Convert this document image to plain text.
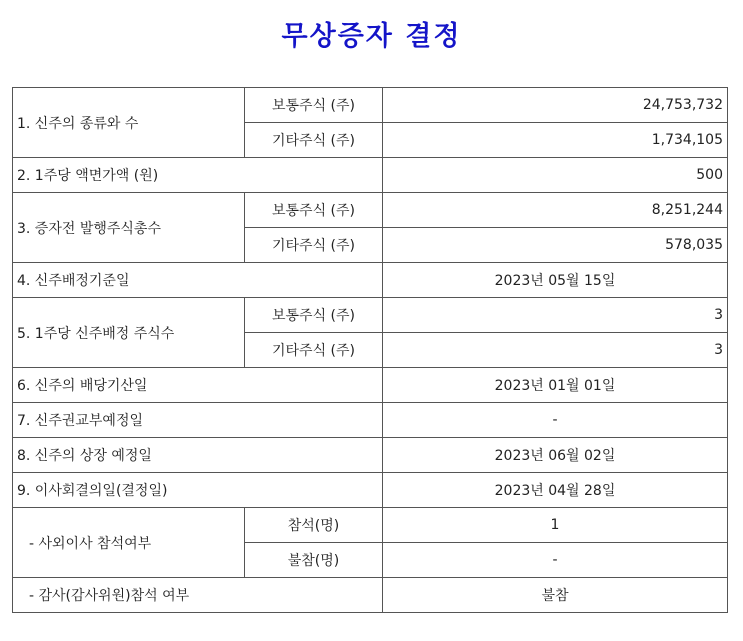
무상증자 결정
1. 신주의 종류와 수	보통주식 (주)	24,753,732
	기타주식 (주)	1,734,105
2. 1주당 액면가액 (원)		500
3. 증자전 발행주식총수	보통주식 (주)	8,251,244
	기타주식 (주)	578,035
4. 신주배정기준일		2023년 05월 15일
5. 1주당 신주배정 주식수	보통주식 (주)	3
	기타주식 (주)	3
6. 신주의 배당기산일		2023년 01월 01일
7. 신주권교부예정일		-
8. 신주의 상장 예정일		2023년 06월 02일
9. 이사회결의일(결정일)		2023년 04월 28일
- 사외이사 참석여부	참석(명)	1
	불참(명)	-
- 감사(감사위원)참석 여부		불참
